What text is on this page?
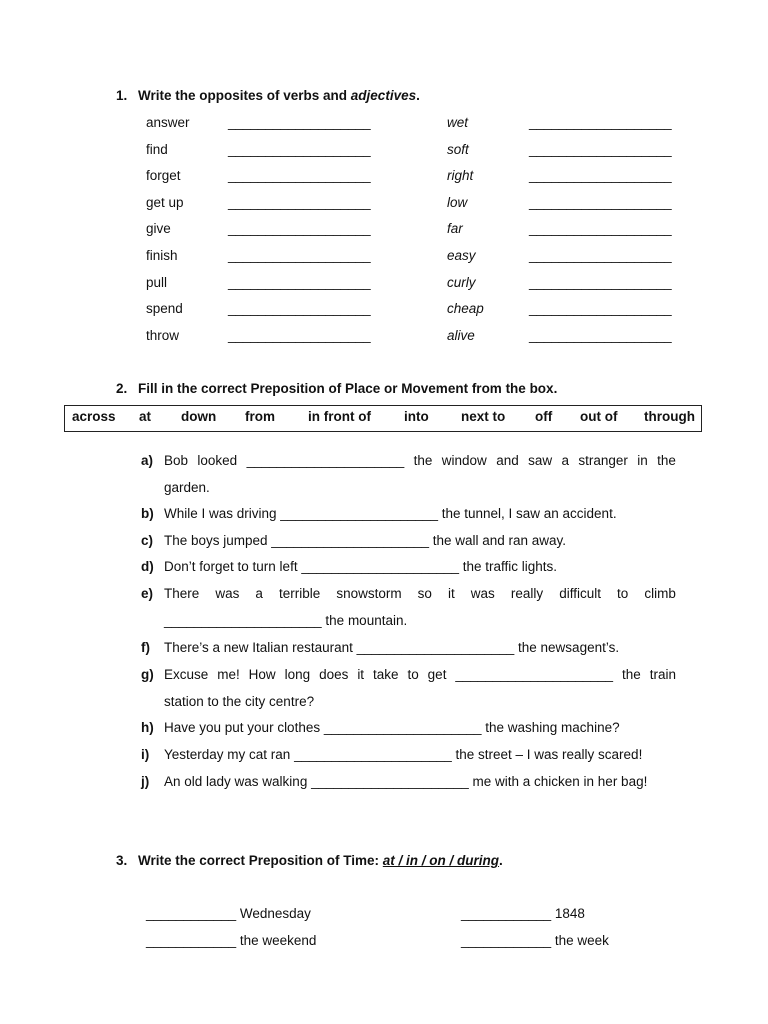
1. Write the opposites of verbs and adjectives.
answer	___________________	wet	___________________
find	___________________	soft	___________________
forget	___________________	right	___________________
get up	___________________	low	___________________
give	___________________	far	___________________
finish	___________________	easy	___________________
pull	___________________	curly	___________________
spend	___________________	cheap	___________________
throw	___________________	alive	___________________
2. Fill in the correct Preposition of Place or Movement from the box.
across at down from in front of into next to off out of through
a) Bob looked _____________________ the window and saw a stranger in the
garden.
b) While I was driving _____________________ the tunnel, I saw an accident.
c) The boys jumped _____________________ the wall and ran away.
d) Don’t forget to turn left _____________________ the traffic lights.
e) There was a terrible snowstorm so it was really difficult to climb
_____________________ the mountain.
f) There’s a new Italian restaurant _____________________ the newsagent’s.
g) Excuse me! How long does it take to get _____________________ the train
station to the city centre?
h) Have you put your clothes _____________________ the washing machine?
i) Yesterday my cat ran _____________________ the street – I was really scared!
j) An old lady was walking _____________________ me with a chicken in her bag!
3. Write the correct Preposition of Time: at / in / on / during.
____________ Wednesday	____________ 1848
____________ the weekend	____________ the week
